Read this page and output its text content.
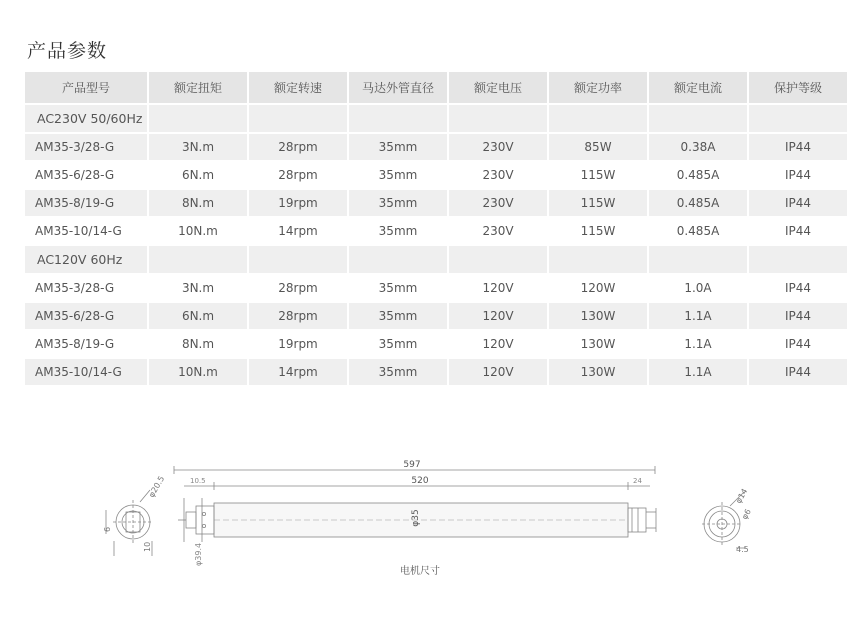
产品参数
产品型号	额定扭矩	额定转速	马达外管直径	额定电压	额定功率	额定电流	保护等级
AC230V 50/60Hz							
AM35-3/28-G	3N.m	28rpm	35mm	230V	85W	0.38A	IP44
AM35-6/28-G	6N.m	28rpm	35mm	230V	115W	0.485A	IP44
AM35-8/19-G	8N.m	19rpm	35mm	230V	115W	0.485A	IP44
AM35-10/14-G	10N.m	14rpm	35mm	230V	115W	0.485A	IP44
AC120V 60Hz							
AM35-3/28-G	3N.m	28rpm	35mm	120V	120W	1.0A	IP44
AM35-6/28-G	6N.m	28rpm	35mm	120V	130W	1.1A	IP44
AM35-8/19-G	8N.m	19rpm	35mm	120V	130W	1.1A	IP44
AM35-10/14-G	10N.m	14rpm	35mm	120V	130W	1.1A	IP44
φ20.5
10
6
597
520
10.5	24
φ35
φ39.4
φ14
φ6
4.5
电机尺寸
